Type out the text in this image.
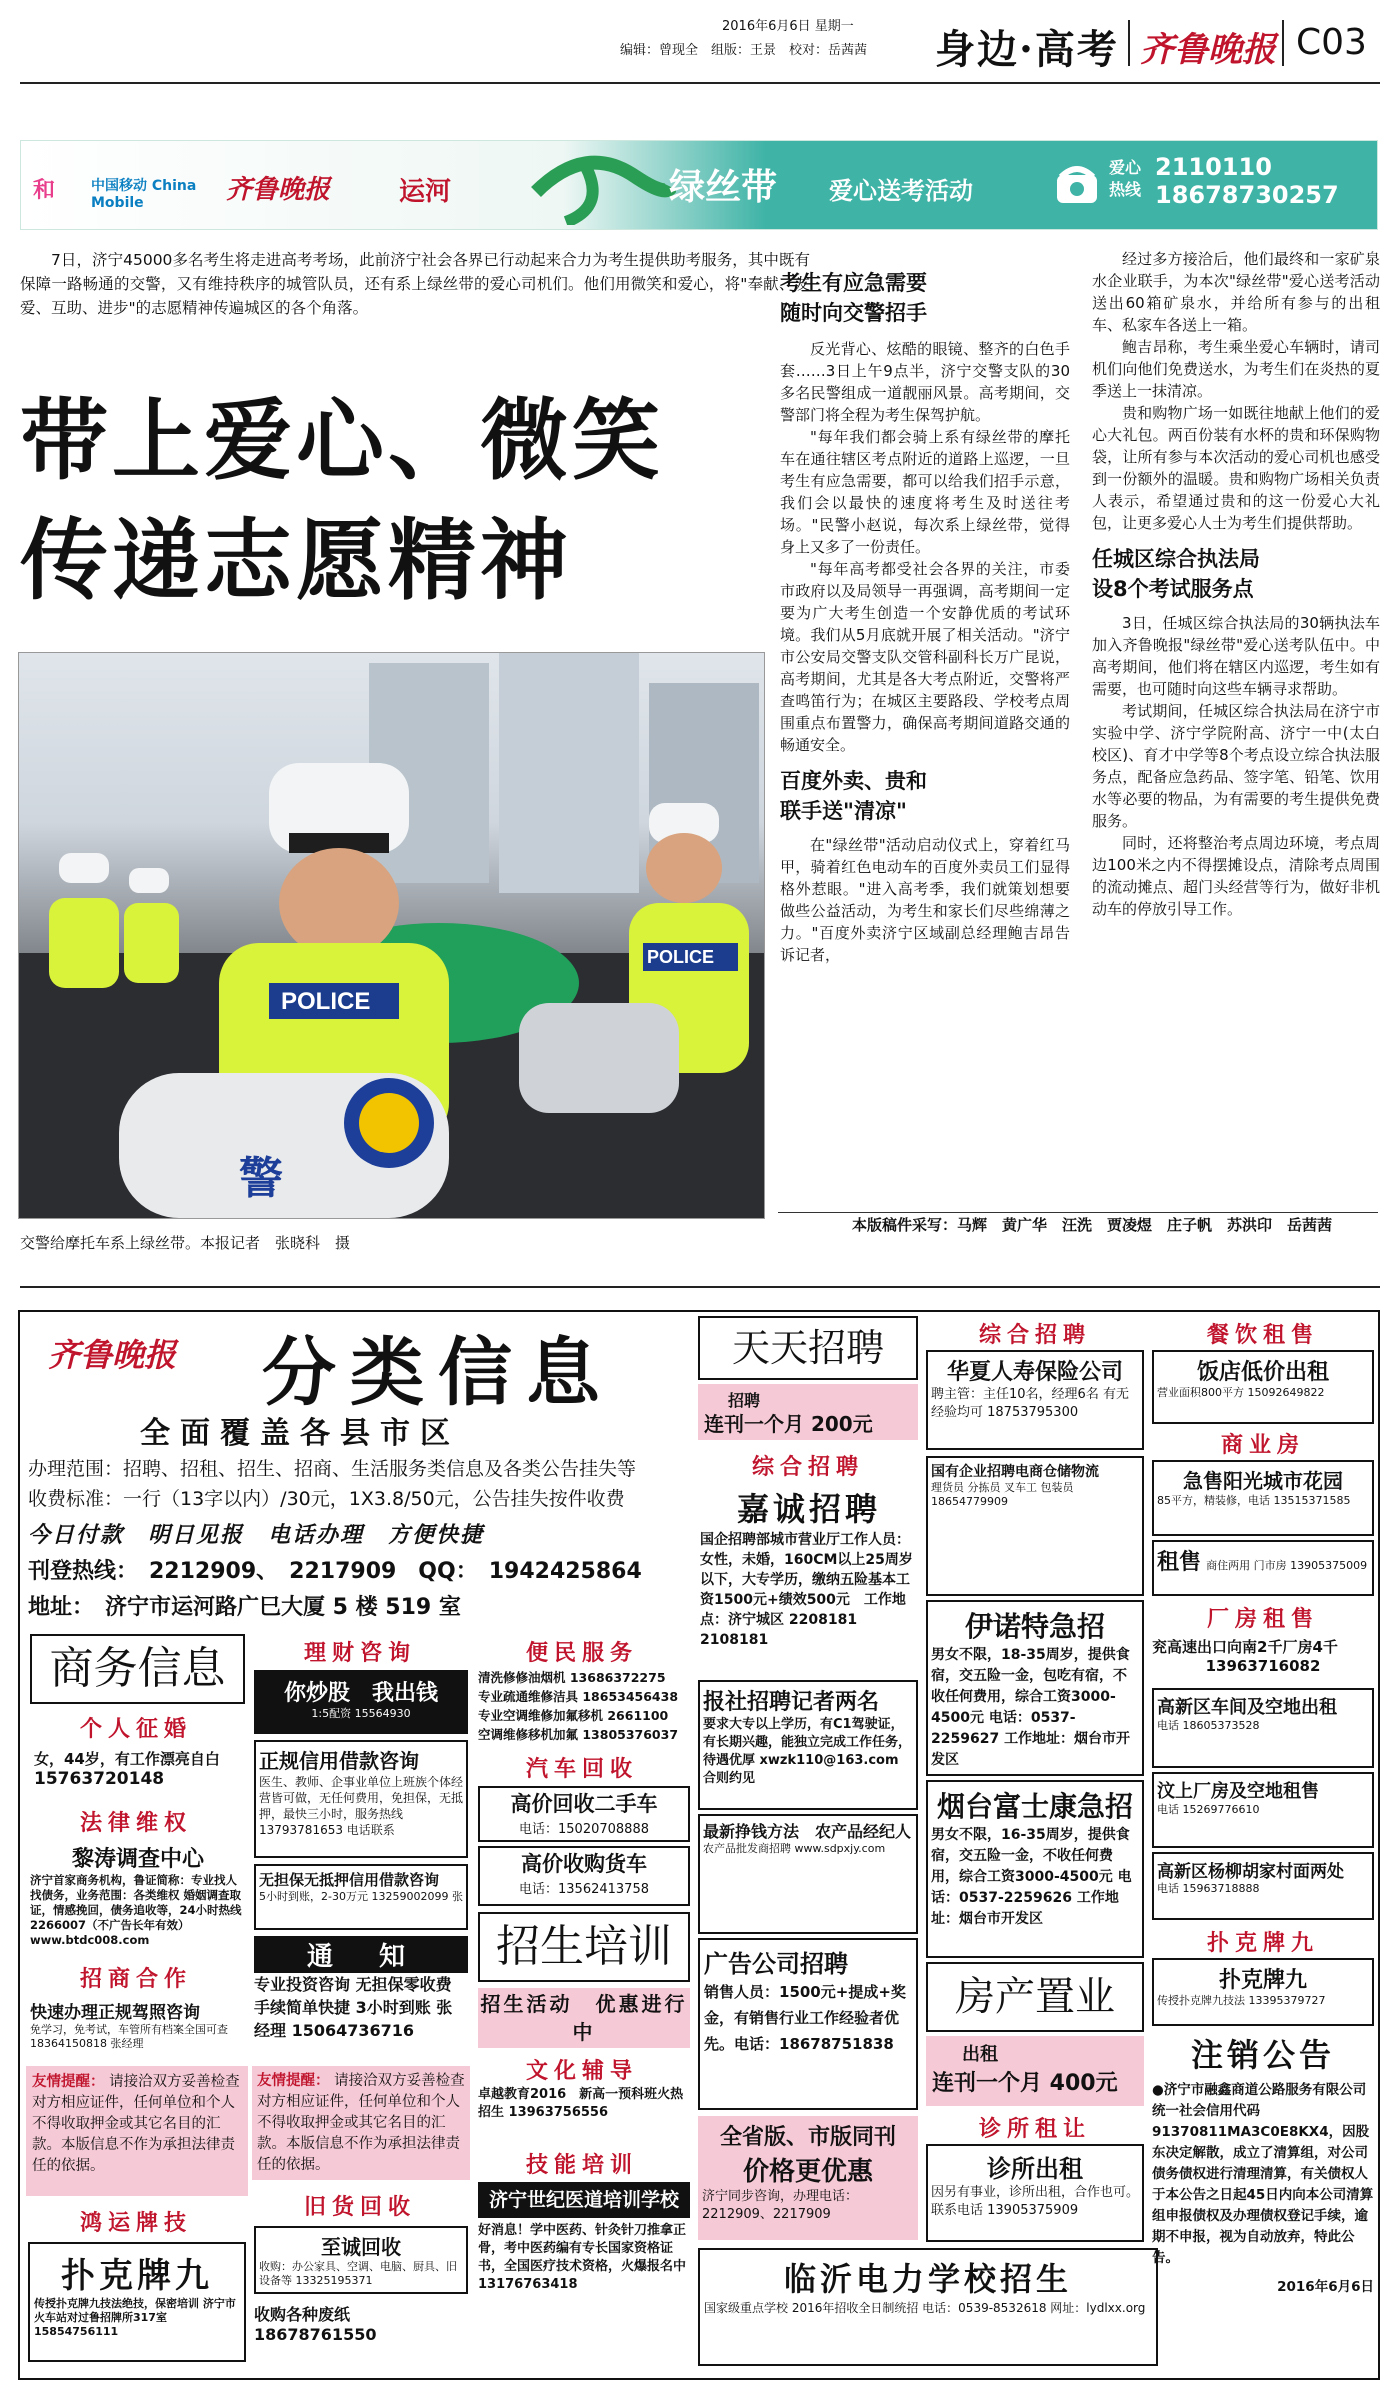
2016年6月6日 星期一
编辑：曾现全　组版：王景　校对：岳茜茜 身边·高考 齐鲁晚报 C03
和	中国移动 China Mobile	齐鲁晚报	运河	绿丝带 爱心送考活动
爱心
热线
2110110
18678730257
7日，济宁45000多名考生将走进高考考场，此前济宁社会各界已行动起来合力为考生提供助考服务，其中既有保障一路畅通的交警，又有维持秩序的城管队员，还有系上绿丝带的爱心司机们。他们用微笑和爱心，将"奉献、友爱、互助、进步"的志愿精神传遍城区的各个角落。
带上爱心、微笑
传递志愿精神
POLICE
警
POLICE
交警给摩托车系上绿丝带。本报记者　张晓科　摄
考生有应急需要
随时向交警招手
反光背心、炫酷的眼镜、整齐的白色手套……3日上午9点半，济宁交警支队的30多名民警组成一道靓丽风景。高考期间，交警部门将全程为考生保驾护航。
"每年我们都会骑上系有绿丝带的摩托车在通往辖区考点附近的道路上巡逻，一旦考生有应急需要，都可以给我们招手示意，我们会以最快的速度将考生及时送往考场。"民警小赵说，每次系上绿丝带，觉得身上又多了一份责任。
"每年高考都受社会各界的关注，市委市政府以及局领导一再强调，高考期间一定要为广大考生创造一个安静优质的考试环境。我们从5月底就开展了相关活动。"济宁市公安局交警支队交管科副科长万广昆说，高考期间，尤其是各大考点附近，交警将严查鸣笛行为；在城区主要路段、学校考点周围重点布置警力，确保高考期间道路交通的畅通安全。
百度外卖、贵和
联手送"清凉"
在"绿丝带"活动启动仪式上，穿着红马甲，骑着红色电动车的百度外卖员工们显得格外惹眼。"进入高考季，我们就策划想要做些公益活动，为考生和家长们尽些绵薄之力。"百度外卖济宁区域副总经理鲍吉昂告诉记者，
经过多方接洽后，他们最终和一家矿泉水企业联手，为本次"绿丝带"爱心送考活动送出60箱矿泉水，并给所有参与的出租车、私家车各送上一箱。
鲍吉昂称，考生乘坐爱心车辆时，请司机们向他们免费送水，为考生们在炎热的夏季送上一抹清凉。
贵和购物广场一如既往地献上他们的爱心大礼包。两百份装有水杯的贵和环保购物袋，让所有参与本次活动的爱心司机也感受到一份额外的温暖。贵和购物广场相关负责人表示，希望通过贵和的这一份爱心大礼包，让更多爱心人士为考生们提供帮助。
任城区综合执法局
设8个考试服务点
3日，任城区综合执法局的30辆执法车加入齐鲁晚报"绿丝带"爱心送考队伍中。中高考期间，他们将在辖区内巡逻，考生如有需要，也可随时向这些车辆寻求帮助。
考试期间，任城区综合执法局在济宁市实验中学、济宁学院附高、济宁一中(太白校区)、育才中学等8个考点设立综合执法服务点，配备应急药品、签字笔、铅笔、饮用水等必要的物品，为有需要的考生提供免费服务。
同时，还将整治考点周边环境，考点周边100米之内不得摆摊设点，清除考点周围的流动摊点、超门头经营等行为，做好非机动车的停放引导工作。
本版稿件采写：马辉　黄广华　汪洗　贾凌煜　庄子帆　苏洪印　岳茜茜
齐鲁晚报 分类信息
全面覆盖各县市区
办理范围：招聘、招租、招生、招商、生活服务类信息及各类公告挂失等
收费标准：一行（13字以内）/30元，1X3.8/50元，公告挂失按件收费
今日付款　明日见报　电话办理　方便快捷
刊登热线：　2212909、　2217909　QQ：　1942425864
地址：　济宁市运河路广巳大厦 5 楼 519 室
商务信息
个人征婚
女，44岁，有工作漂亮自白
15763720148
法律维权
黎涛调查中心
济宁首家商务机构，鲁证简称：专业找人找债务，业务范围：各类维权 婚姻调查取证，情感挽回，债务追收等，24小时热线 2266007（不广告长年有效）www.btdc008.com
招商合作
快速办理正规驾照咨询
免学习，免考试，车管所有档案全国可查 18364150818 张经理
友情提醒： 请接洽双方妥善检查对方相应证件，任何单位和个人不得收取押金或其它名目的汇款。本版信息不作为承担法律责任的依据。
鸿运牌技
扑克牌九
传授扑克牌九技法绝技，保密培训 济宁市火车站对过鲁招牌所317室 15854756111
理财咨询
你炒股　我出钱
1:5配资 15564930
正规信用借款咨询
医生、教师、企事业单位上班族个体经营皆可做，无任何费用，免担保，无抵押，最快三小时，服务热线 13793781653 电话联系
无担保无抵押信用借款咨询
5小时到账，2-30万元 13259002099 张
通　知
专业投资咨询 无担保零收费 手续简单快捷 3小时到账 张经理 15064736716
友情提醒： 请接洽双方妥善检查对方相应证件，任何单位和个人不得收取押金或其它名目的汇款。本版信息不作为承担法律责任的依据。
旧货回收
至诚回收
收购：办公家具、空调、电脑、厨具、旧设备等 13325195371
收购各种废纸 18678761550
便民服务
清洗修修油烟机 13686372275
专业疏通维修洁具 18653456438
专业空调维修加氟移机 2661100
空调维修移机加氟 13805376037
汽车回收
高价回收二手车
电话：15020708888
高价收购货车
电话：13562413758
招生培训
招生活动　优惠进行中
文化辅导
卓越教育2016　新高一预科班火热招生 13963756556
技能培训
济宁世纪医道培训学校
好消息！学中医药、针灸针刀推拿正骨，考中医药编有专长国家资格证书，全国医疗技术资格，火爆报名中 13176763418
天天招聘
招聘
连刊一个月 200元
综合招聘
嘉诚招聘
国企招聘部城市营业厅工作人员：女性，未婚，160CM以上25周岁以下，大专学历，缴纳五险基本工资1500元+绩效500元　工作地点：济宁城区 2208181 2108181
报社招聘记者两名
要求大专以上学历，有C1驾驶证，有长期兴趣，能独立完成工作任务，待遇优厚 xwzk110@163.com 合则约见
最新挣钱方法　农产品经纪人
农产品批发商招聘 www.sdpxjy.com
广告公司招聘
销售人员：1500元+提成+奖金，有销售行业工作经验者优先。电话：18678751838
全省版、市版同刊
价格更优惠
济宁同步咨询，办理电话：2212909、2217909
临沂电力学校招生
国家级重点学校 2016年招收全日制统招 电话：0539-8532618 网址：lydlxx.org
综合招聘
华夏人寿保险公司
聘主管：主任10名，经理6名 有无经验均可 18753795300
国有企业招聘电商仓储物流
理货员 分拣员 叉车工 包装员 18654779909
伊诺特急招
男女不限，18-35周岁，提供食宿，交五险一金，包吃有宿，不收任何费用，综合工资3000-4500元 电话：0537-2259627 工作地址：烟台市开发区
烟台富士康急招
男女不限，16-35周岁，提供食宿，交五险一金，不收任何费用，综合工资3000-4500元 电话：0537-2259626 工作地址：烟台市开发区
房产置业
出租
连刊一个月 400元
诊所租让
诊所出租
因另有事业，诊所出租，合作也可。联系电话 13905375909
餐饮租售
饭店低价出租
营业面积800平方 15092649822
商业房
急售阳光城市花园
85平方，精装修，电话 13515371585
租售 商住两用 门市房 13905375009
厂房租售
兖高速出口向南2千厂房4千
13963716082
高新区车间及空地出租
电话 18605373528
汶上厂房及空地租售
电话 15269776610
高新区杨柳胡家村面两处
电话 15963718888
扑克牌九
扑克牌九
传授扑克牌九技法 13395379727
注销公告
●济宁市融鑫商道公路服务有限公司统一社会信用代码91370811MA3C0E8KX4，因股东决定解散，成立了清算组，对公司债务债权进行清理清算，有关债权人于本公告之日起45日内向本公司清算组申报债权及办理债权登记手续，逾期不申报，视为自动放弃，特此公告。
2016年6月6日
